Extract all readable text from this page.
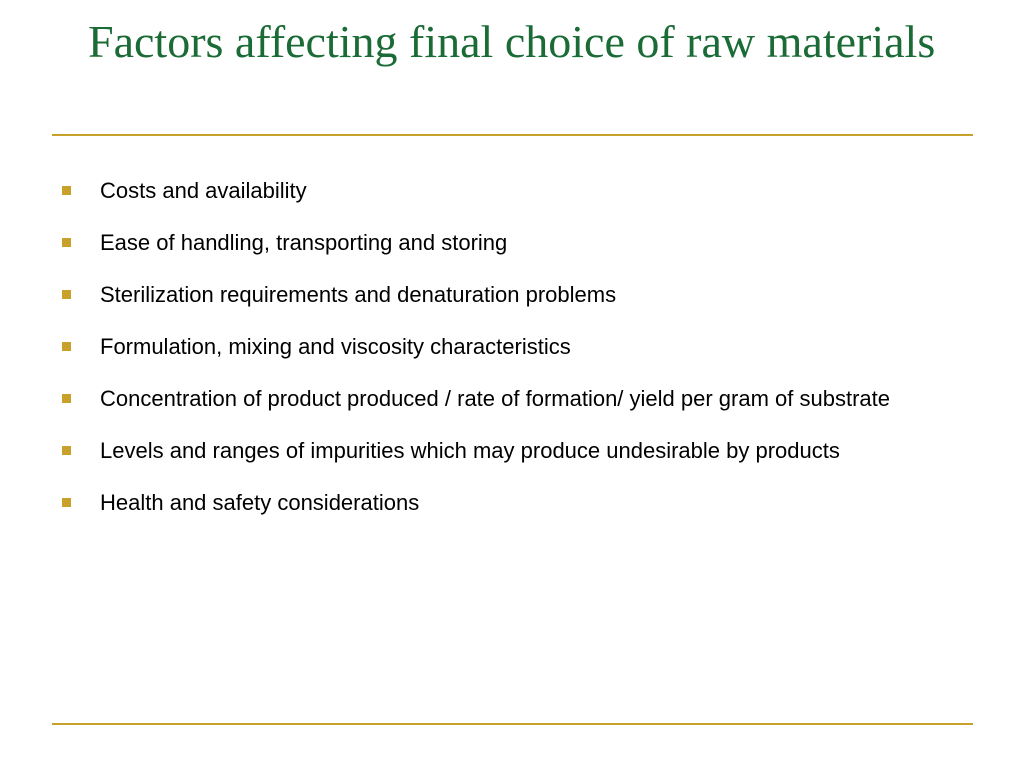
Factors affecting final choice of raw materials
Costs and availability
Ease of handling, transporting and storing
Sterilization requirements and denaturation problems
Formulation, mixing and viscosity characteristics
Concentration of product produced / rate of formation/ yield per gram of substrate
Levels and ranges of impurities which may produce undesirable by products
Health and safety considerations
